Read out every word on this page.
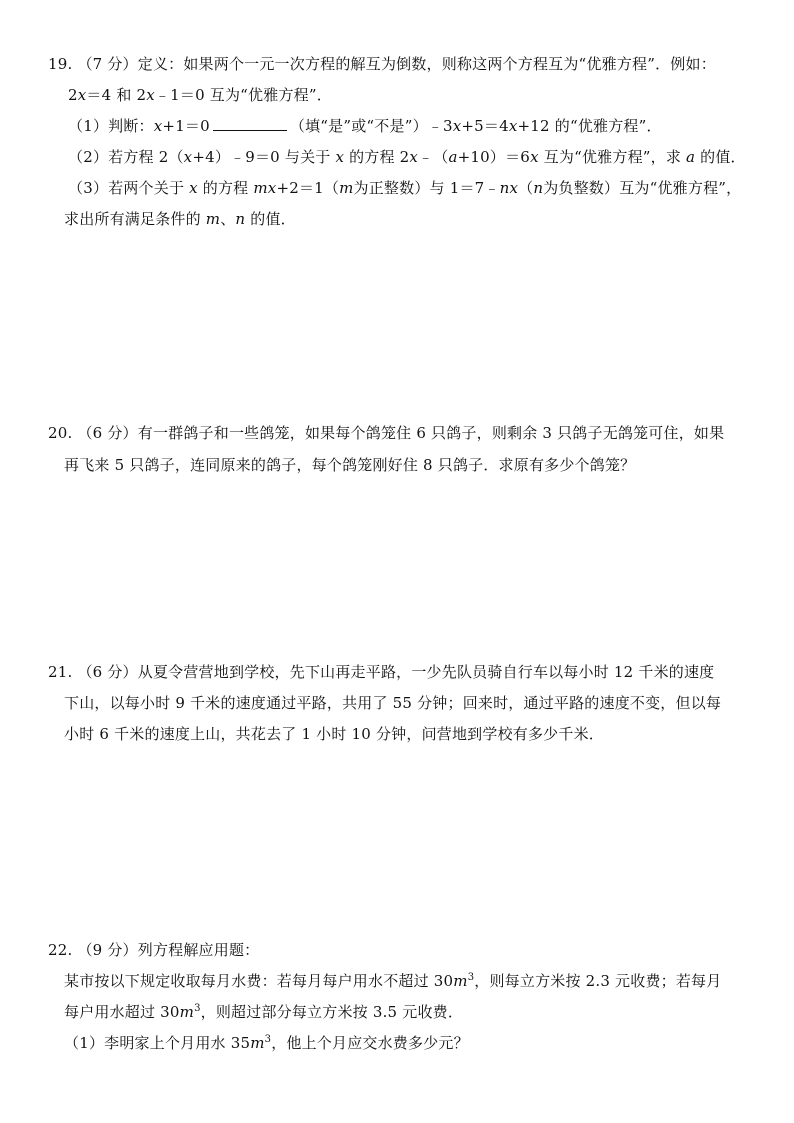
19. （7 分）定义：如果两个一元一次方程的解互为倒数，则称这两个方程互为“优雅方程”．例如：
2x＝4 和 2x﹣1＝0 互为“优雅方程”．
（1）判断：x+1＝0	（填“是”或“不是”）﹣3x+5＝4x+12 的“优雅方程”．
（2）若方程 2（x+4）﹣9＝0 与关于 x 的方程 2x﹣（a+10）＝6x 互为“优雅方程”，求 a 的值．
（3）若两个关于 x 的方程 mx+2＝1（m为正整数）与 1＝7﹣nx（n为负整数）互为“优雅方程”，
求出所有满足条件的 m、n 的值．
20. （6 分）有一群鸽子和一些鸽笼，如果每个鸽笼住 6 只鸽子，则剩余 3 只鸽子无鸽笼可住，如果
再飞来 5 只鸽子，连同原来的鸽子，每个鸽笼刚好住 8 只鸽子．求原有多少个鸽笼？
21. （6 分）从夏令营营地到学校，先下山再走平路，一少先队员骑自行车以每小时 12 千米的速度
下山，以每小时 9 千米的速度通过平路，共用了 55 分钟；回来时，通过平路的速度不变，但以每
小时 6 千米的速度上山，共花去了 1 小时 10 分钟，问营地到学校有多少千米．
22. （9 分）列方程解应用题：
某市按以下规定收取每月水费：若每月每户用水不超过 $30m^3$，则每立方米按 2.3 元收费；若每月
每户用水超过 $30m^3$，则超过部分每立方米按 3.5 元收费．
（1）李明家上个月用水 $35m^3$，他上个月应交水费多少元？
